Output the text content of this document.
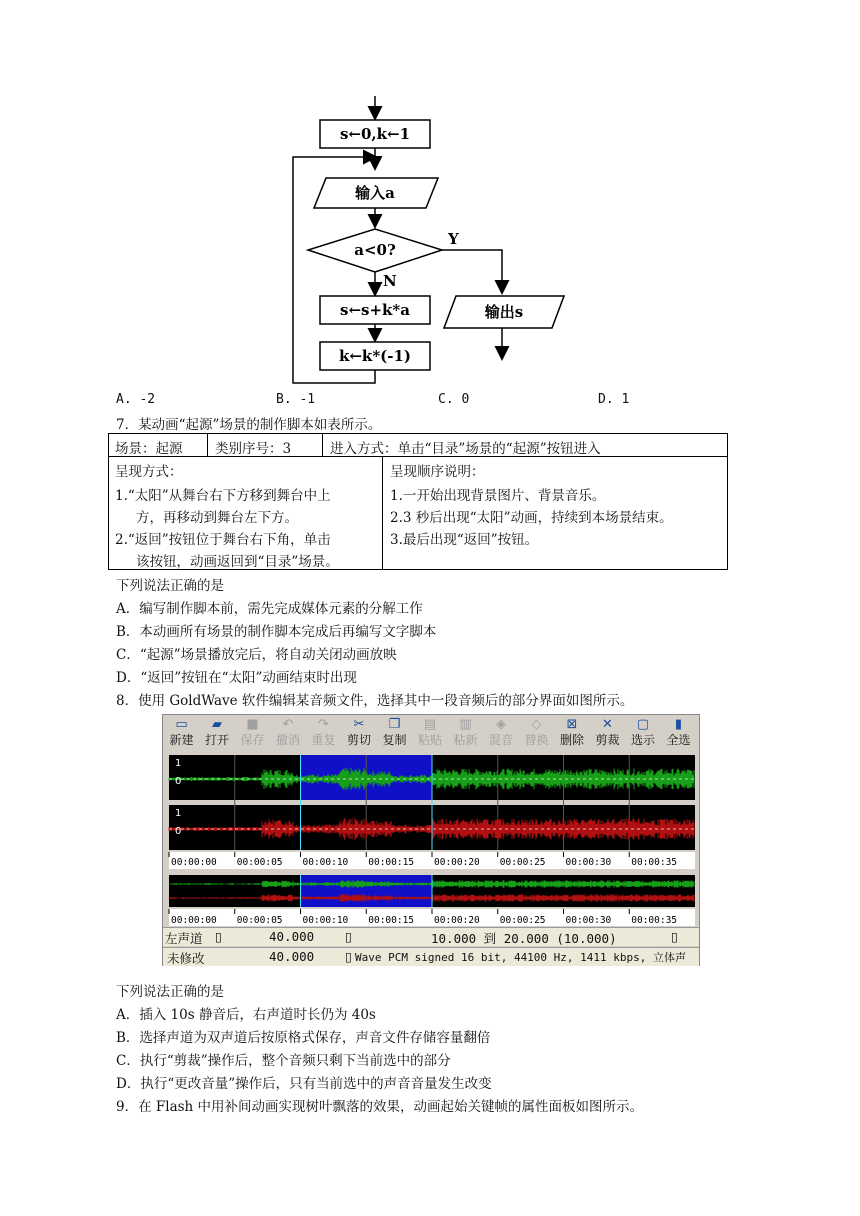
s←0,k←1
输入a
a<0?
Y
N
s←s+k*a
k←k*(-1)
输出s
A. -2	B. -1	C. 0	D. 1
7．某动画“起源”场景的制作脚本如表所示。
场景：起源 类别序号：3	进入方式：单击“目录”场景的“起源”按钮进入
呈现方式：
1.“太阳”从舞台右下方移到舞台中上
方，再移动到舞台左下方。
2.“返回”按钮位于舞台右下角，单击
该按钮，动画返回到“目录”场景。
呈现顺序说明：
1.一开始出现背景图片、背景音乐。
2.3 秒后出现“太阳”动画，持续到本场景结束。
3.最后出现“返回”按钮。
下列说法正确的是
A．编写制作脚本前，需先完成媒体元素的分解工作
B．本动画所有场景的制作脚本完成后再编写文字脚本
C．“起源”场景播放完后，将自动关闭动画放映
D．“返回”按钮在“太阳”动画结束时出现
8．使用 GoldWave 软件编辑某音频文件，选择其中一段音频后的部分界面如图所示。
▭
新建
▰
打开
■
保存
↶
撤消
↷
重复
✂
剪切
❐
复制
▤
粘贴
▥
粘新
◈
混音
◇
替换
⊠
删除
✕
剪裁
▢
选示
▮
全选
1
0
1
0
00:00:00 00:00:05 00:00:10 00:00:15 00:00:20 00:00:25 00:00:30 00:00:35
00:00:00 00:00:05 00:00:10 00:00:15 00:00:20 00:00:25 00:00:30 00:00:35
左声道 ▯	40.000 ▯	10.000 到 20.000 (10.000)	▯
未修改	40.000 ▯ Wave PCM signed 16 bit, 44100 Hz, 1411 kbps, 立体声
下列说法正确的是
A．插入 10s 静音后，右声道时长仍为 40s
B．选择声道为双声道后按原格式保存，声音文件存储容量翻倍
C．执行“剪裁”操作后，整个音频只剩下当前选中的部分
D．执行“更改音量”操作后，只有当前选中的声音音量发生改变
9．在 Flash 中用补间动画实现树叶飘落的效果，动画起始关键帧的属性面板如图所示。
